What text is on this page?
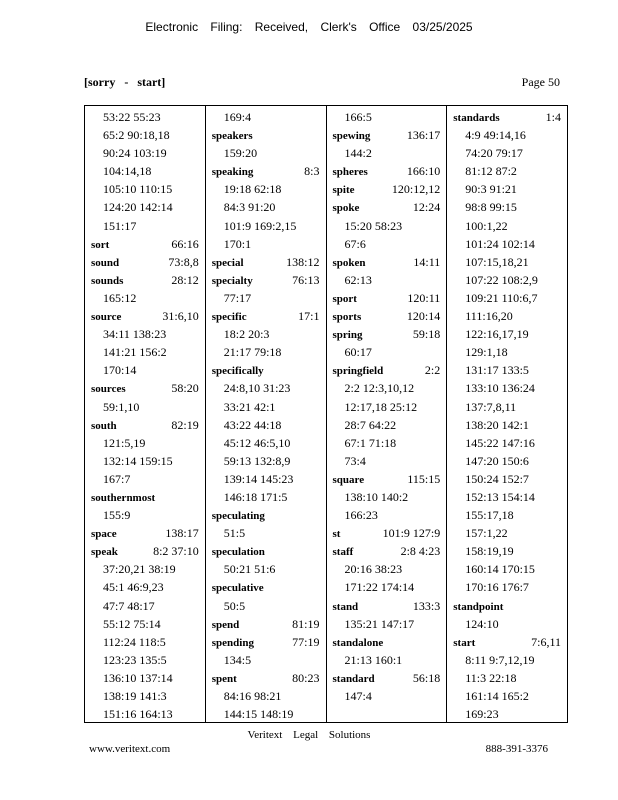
Electronic Filing: Received, Clerk's Office 03/25/2025
[sorry - start]	Page 50
53:22 55:23
65:2 90:18,18
90:24 103:19
104:14,18
105:10 110:15
124:20 142:14
151:17
sort	66:16
sound	73:8,8
sounds	28:12
165:12
source	31:6,10
34:11 138:23
141:21 156:2
170:14
sources	58:20
59:1,10
south	82:19
121:5,19
132:14 159:15
167:7
southernmost
155:9
space	138:17
speak	8:2 37:10
37:20,21 38:19
45:1 46:9,23
47:7 48:17
55:12 75:14
112:24 118:5
123:23 135:5
136:10 137:14
138:19 141:3
151:16 164:13
169:4
speakers
159:20
speaking	8:3
19:18 62:18
84:3 91:20
101:9 169:2,15
170:1
special	138:12
specialty	76:13
77:17
specific	17:1
18:2 20:3
21:17 79:18
specifically
24:8,10 31:23
33:21 42:1
43:22 44:18
45:12 46:5,10
59:13 132:8,9
139:14 145:23
146:18 171:5
speculating
51:5
speculation
50:21 51:6
speculative
50:5
spend	81:19
spending	77:19
134:5
spent	80:23
84:16 98:21
144:15 148:19
166:5
spewing	136:17
144:2
spheres	166:10
spite	120:12,12
spoke	12:24
15:20 58:23
67:6
spoken	14:11
62:13
sport	120:11
sports	120:14
spring	59:18
60:17
springfield	2:2
2:2 12:3,10,12
12:17,18 25:12
28:7 64:22
67:1 71:18
73:4
square	115:15
138:10 140:2
166:23
st	101:9 127:9
staff	2:8 4:23
20:16 38:23
171:22 174:14
stand	133:3
135:21 147:17
standalone
21:13 160:1
standard	56:18
147:4
standards	1:4
4:9 49:14,16
74:20 79:17
81:12 87:2
90:3 91:21
98:8 99:15
100:1,22
101:24 102:14
107:15,18,21
107:22 108:2,9
109:21 110:6,7
111:16,20
122:16,17,19
129:1,18
131:17 133:5
133:10 136:24
137:7,8,11
138:20 142:1
145:22 147:16
147:20 150:6
150:24 152:7
152:13 154:14
155:17,18
157:1,22
158:19,19
160:14 170:15
170:16 176:7
standpoint
124:10
start	7:6,11
8:11 9:7,12,19
11:3 22:18
161:14 165:2
169:23
Veritext Legal Solutions
www.veritext.com	888-391-3376
